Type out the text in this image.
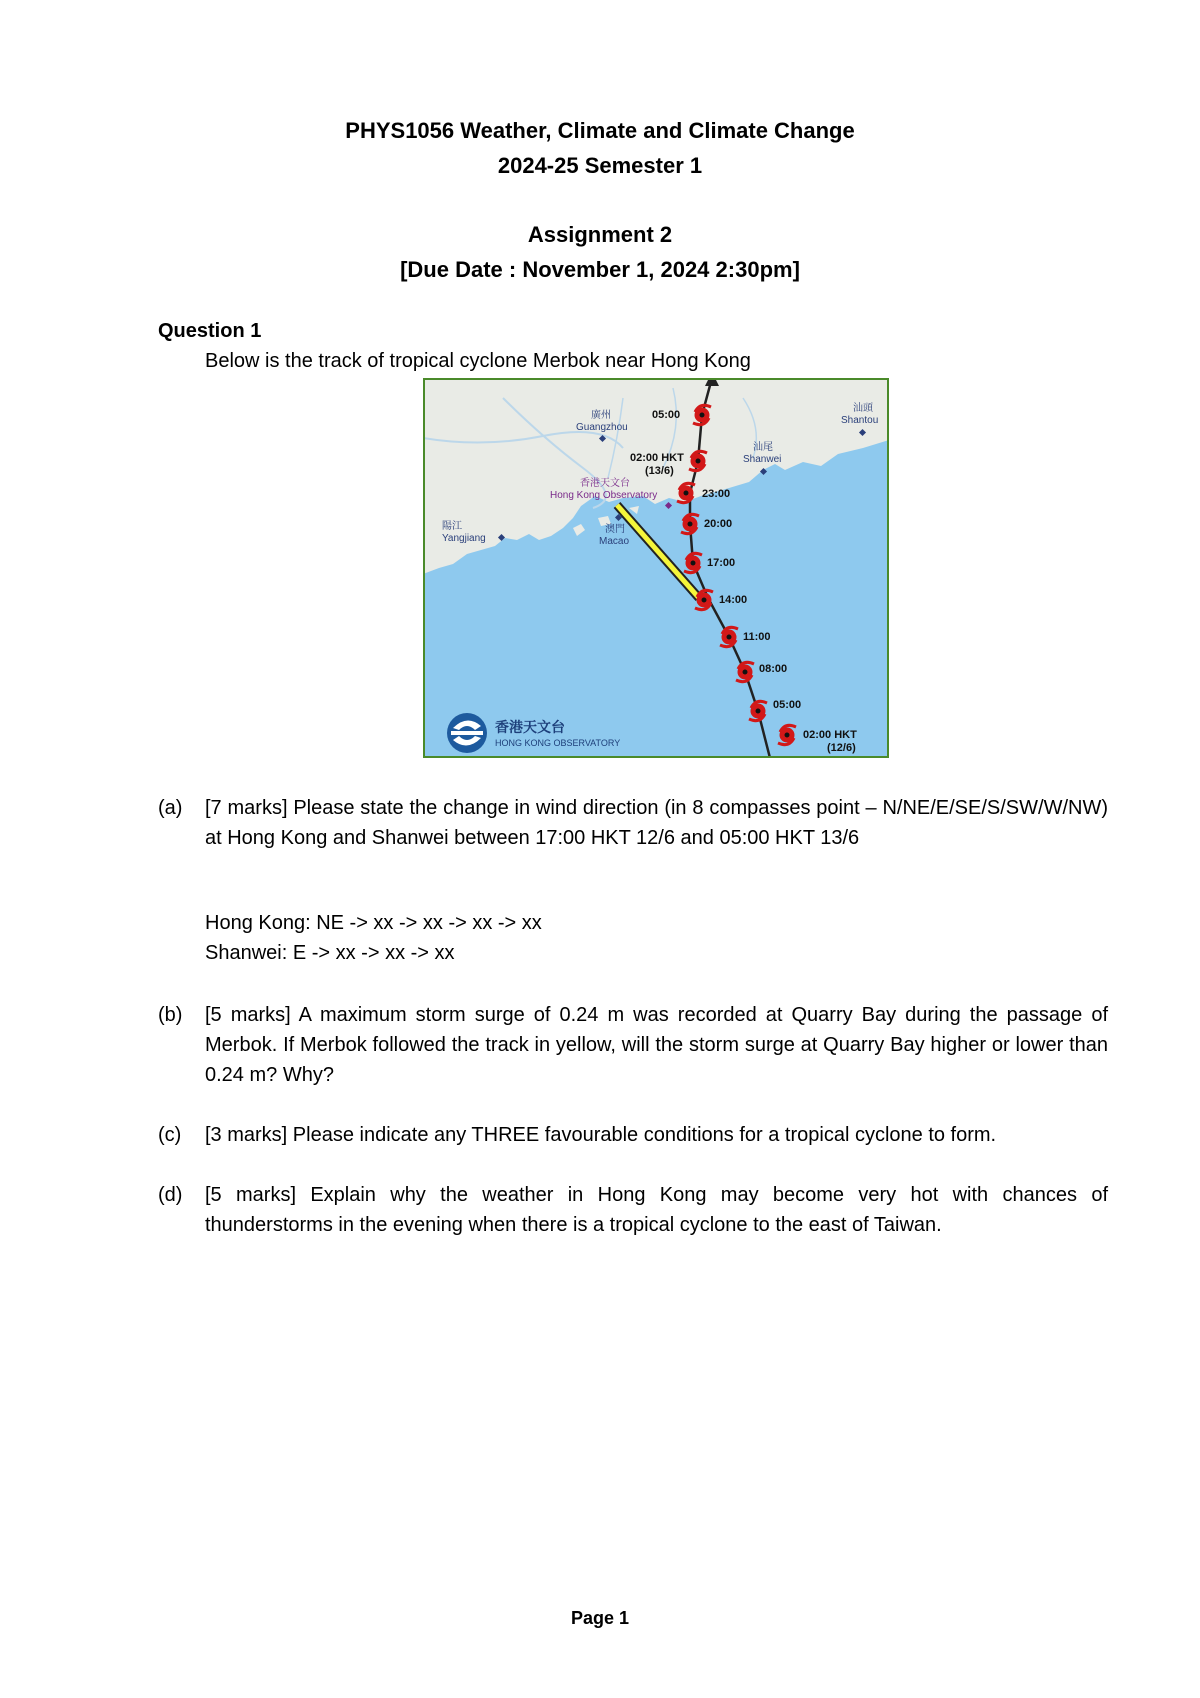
PHYS1056 Weather, Climate and Climate Change
2024-25 Semester 1
Assignment 2
[Due Date : November 1, 2024 2:30pm]
Question 1
Below is the track of tropical cyclone Merbok near Hong Kong
05:00
02:00 HKT
(13/6)
23:00
20:00
17:00
14:00
11:00
08:00
05:00
02:00 HKT
(12/6)
廣州
Guangzhou
汕頭
Shantou
汕尾
Shanwei
陽江
Yangjiang
澳門
Macao
香港天文台
Hong Kong Observatory
香港天文台
HONG KONG OBSERVATORY
(a) [7 marks] Please state the change in wind direction (in 8 compasses point – N/NE/E/SE/S/SW/W/NW) at Hong Kong and Shanwei between 17:00 HKT 12/6 and 05:00 HKT 13/6
Hong Kong: NE -> xx -> xx -> xx -> xx
Shanwei: E -> xx -> xx -> xx
(b) [5 marks] A maximum storm surge of 0.24 m was recorded at Quarry Bay during the passage of Merbok. If Merbok followed the track in yellow, will the storm surge at Quarry Bay higher or lower than 0.24 m? Why?
(c) [3 marks] Please indicate any THREE favourable conditions for a tropical cyclone to form.
(d) [5 marks] Explain why the weather in Hong Kong may become very hot with chances of thunderstorms in the evening when there is a tropical cyclone to the east of Taiwan.
Page 1
